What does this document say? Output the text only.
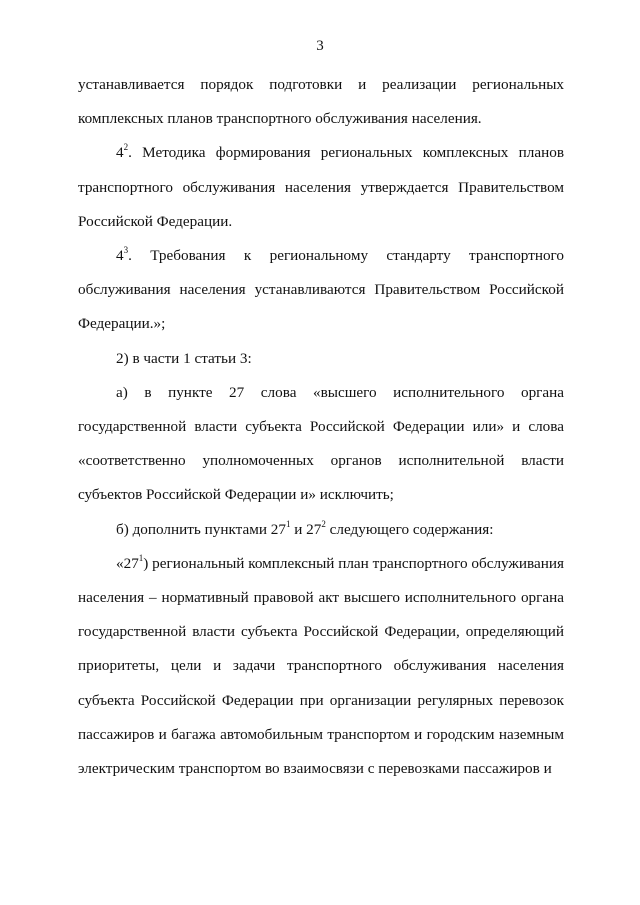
3

устанавливается порядок подготовки и реализации региональных комплексных планов транспортного обслуживания населения.

$4^2$. Методика формирования региональных комплексных планов транспортного обслуживания населения утверждается Правительством Российской Федерации.

$4^3$. Требования к региональному стандарту транспортного обслуживания населения устанавливаются Правительством Российской Федерации.»;

2) в части 1 статьи 3:

а) в пункте 27 слова «высшего исполнительного органа государственной власти субъекта Российской Федерации или» и слова «соответственно уполномоченных органов исполнительной власти субъектов Российской Федерации и» исключить;

б) дополнить пунктами $27^1$ и $27^2$ следующего содержания:

«$27^1$) региональный комплексный план транспортного обслуживания населения – нормативный правовой акт высшего исполнительного органа государственной власти субъекта Российской Федерации, определяющий приоритеты, цели и задачи транспортного обслуживания населения субъекта Российской Федерации при организации регулярных перевозок пассажиров и багажа автомобильным транспортом и городским наземным электрическим транспортом во взаимосвязи с перевозками пассажиров и
